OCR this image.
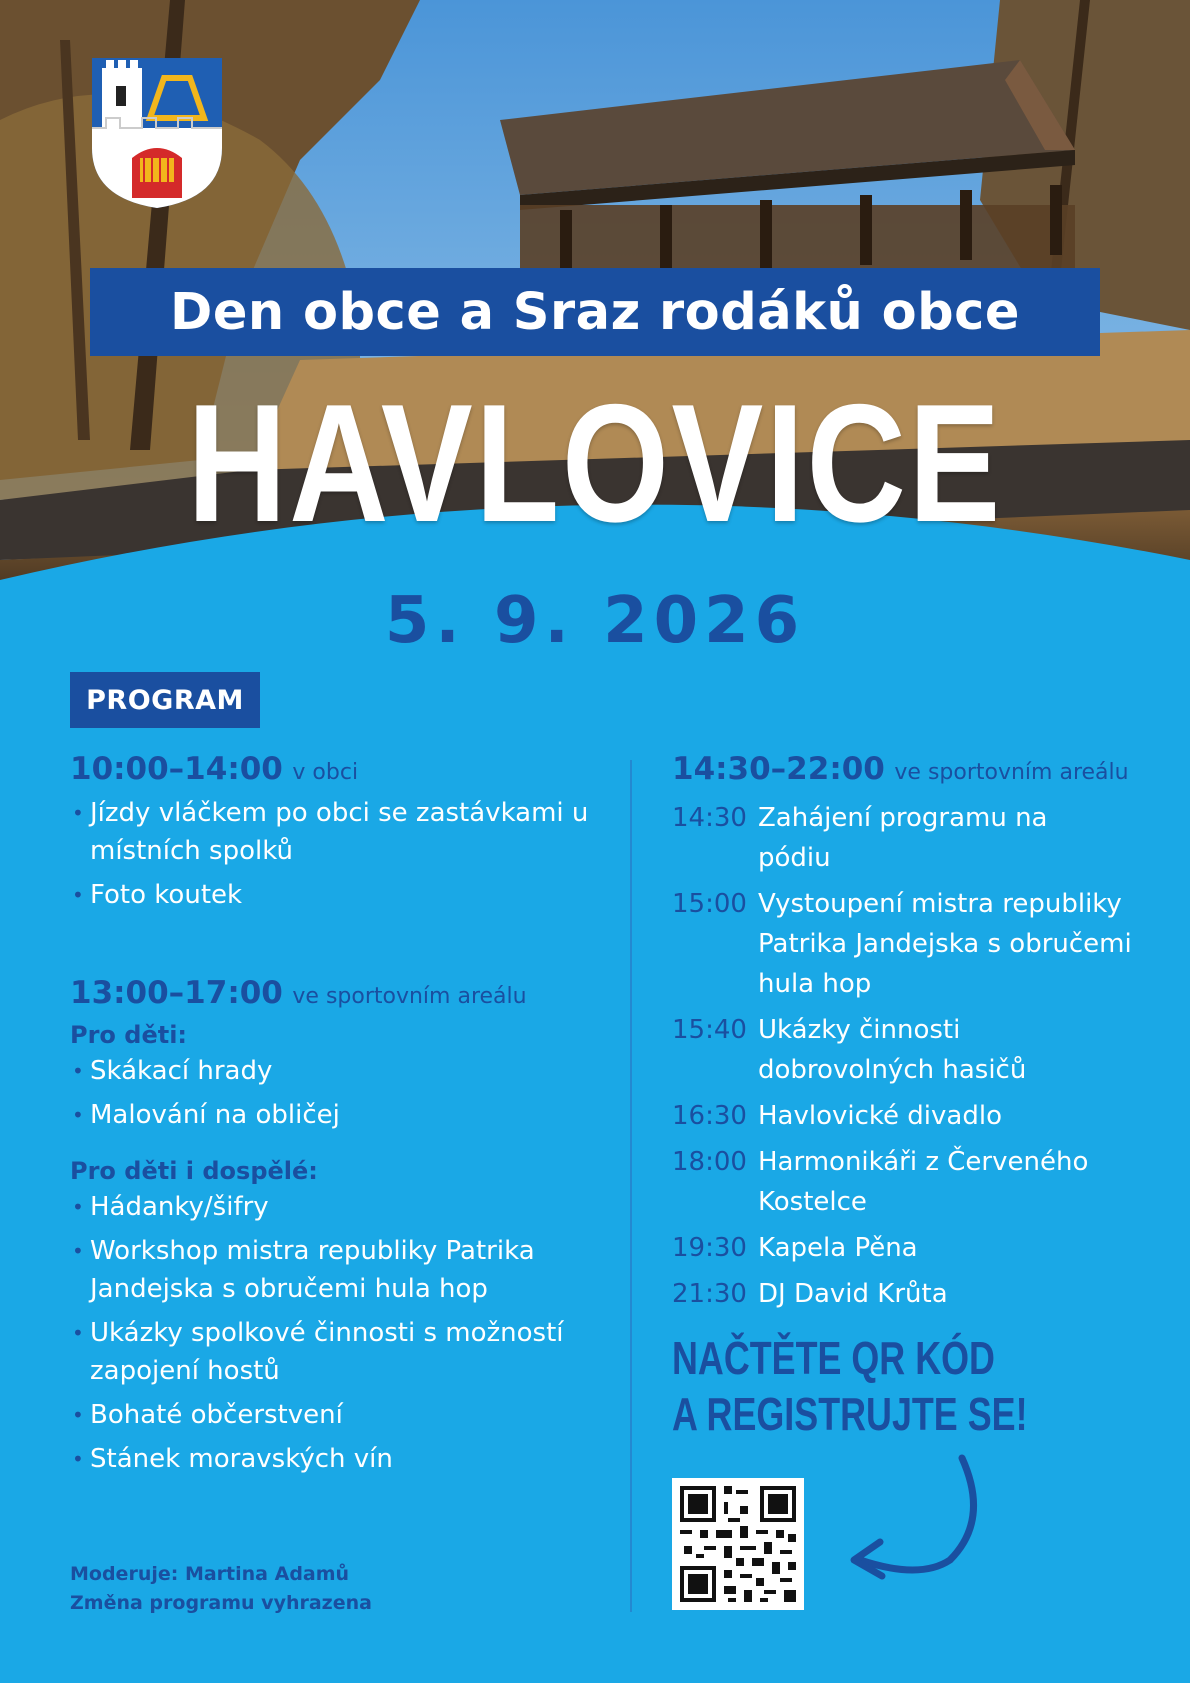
Den obce a Sraz rodáků obce
HAVLOVICE
5. 9. 2026
PROGRAM

10:00–14:00 v obci

• Jízdy vláčkem po obci se zastávkami u místních spolků
• Foto koutek

13:00–17:00 ve sportovním areálu

Pro děti:

• Skákací hrady
• Malování na obličej

Pro děti i dospělé:

• Hádanky/šifry
• Workshop mistra republiky Patrika Jandejska s obručemi hula hop
• Ukázky spolkové činnosti s možností zapojení hostů
• Bohaté občerstvení
• Stánek moravských vín

14:30–22:00 ve sportovním areálu

14:30 Zahájení programu na pódiu
15:00 Vystoupení mistra republiky Patrika Jandejska s obručemi hula hop
15:40 Ukázky činnosti dobrovolných hasičů
16:30 Havlovické divadlo
18:00 Harmonikáři z Červeného Kostelce
19:30 Kapela Pěna
21:30 DJ David Krůta
NAČTĚTE QR KÓD
A REGISTRUJTE SE!
Moderuje: Martina Adamů
Změna programu vyhrazena
